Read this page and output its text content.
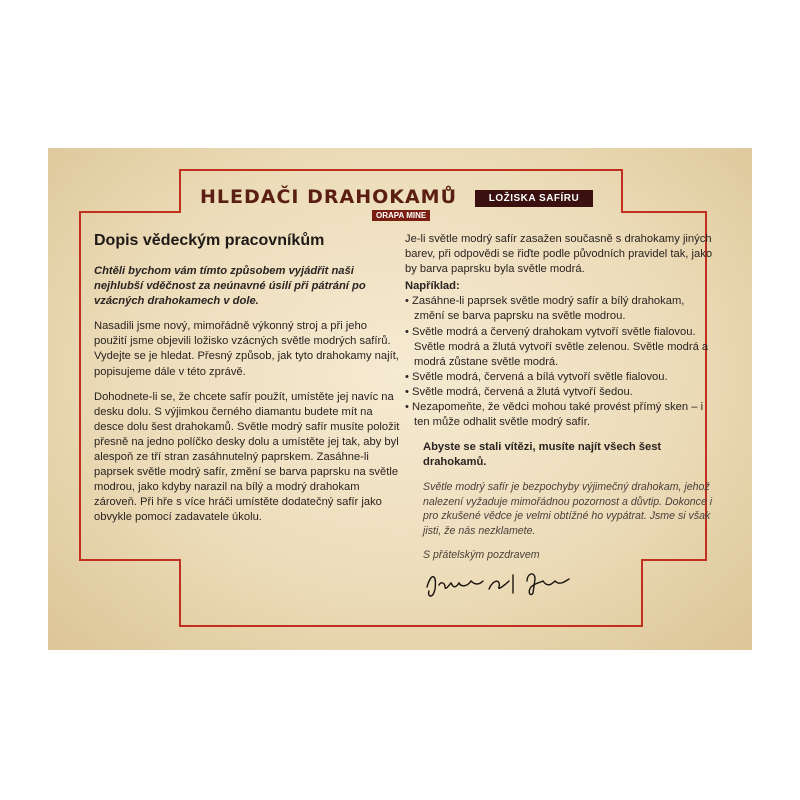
HLEDAČI DRAHOKAMŮ
ORAPA MINE
LOŽISKA SAFÍRU
Dopis vědeckým pracovníkům

Chtěli bychom vám tímto způsobem vyjádřit naši nejhlubší vděčnost za neúnavné úsilí při pátrání po vzácných drahokamech v dole.

Nasadili jsme nový, mimořádně výkonný stroj a při jeho použití jsme objevili ložisko vzácných světle modrých safírů. Vydejte se je hledat. Přesný způsob, jak tyto drahokamy najít, popisujeme dále v této zprávě.

Dohodnete-li se, že chcete safír použít, umístěte jej navíc na desku dolu. S výjimkou černého diamantu budete mít na desce dolu šest drahokamů. Světle modrý safír musíte položit přesně na jedno políčko desky dolu a umístěte jej tak, aby byl alespoň ze tří stran zasáhnutelný paprskem. Zasáhne-li paprsek světle modrý safír, změní se barva paprsku na světle modrou, jako kdyby narazil na bílý a modrý drahokam zároveň. Při hře s více hráči umístěte dodatečný safír jako obvykle pomocí zadavatele úkolu.

Je-li světle modrý safír zasažen současně s drahokamy jiných barev, při odpovědi se řiďte podle původních pravidel tak, jako by barva paprsku byla světle modrá.

Například:
• Zasáhne-li paprsek světle modrý safír a bílý drahokam, změní se barva paprsku na světle modrou.
• Světle modrá a červený drahokam vytvoří světle fialovou. Světle modrá a žlutá vytvoří světle zelenou. Světle modrá a modrá zůstane světle modrá.
• Světle modrá, červená a bílá vytvoří světle fialovou.
• Světle modrá, červená a žlutá vytvoří šedou.
• Nezapomeňte, že vědci mohou také provést přímý sken – i ten může odhalit světle modrý safír.

Abyste se stali vítězi, musíte najít všech šest drahokamů.

Světle modrý safír je bezpochyby výjimečný drahokam, jehož nalezení vyžaduje mimořádnou pozornost a důvtip. Dokonce i pro zkušené vědce je velmi obtížné ho vypátrat. Jsme si však jisti, že nás nezklamete.

S přátelským pozdravem
